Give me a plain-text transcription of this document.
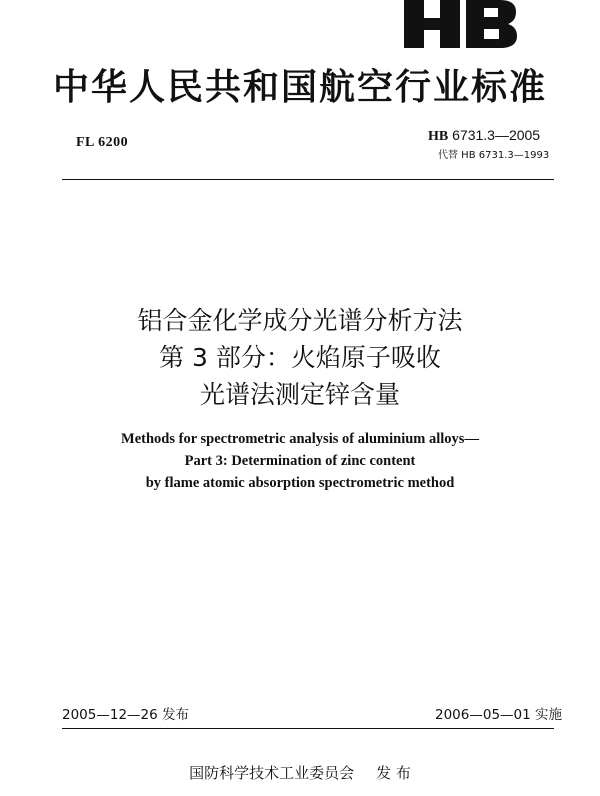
中华人民共和国航空行业标准
FL 6200	HB 6731.3—2005
代替 HB 6731.3—1993
铝合金化学成分光谱分析方法
第 3 部分：火焰原子吸收
光谱法测定锌含量
Methods for spectrometric analysis of aluminium alloys—
Part 3: Determination of zinc content
by flame atomic absorption spectrometric method
2005—12—26 发布	2006—05—01 实施
国防科学技术工业委员会 发 布
